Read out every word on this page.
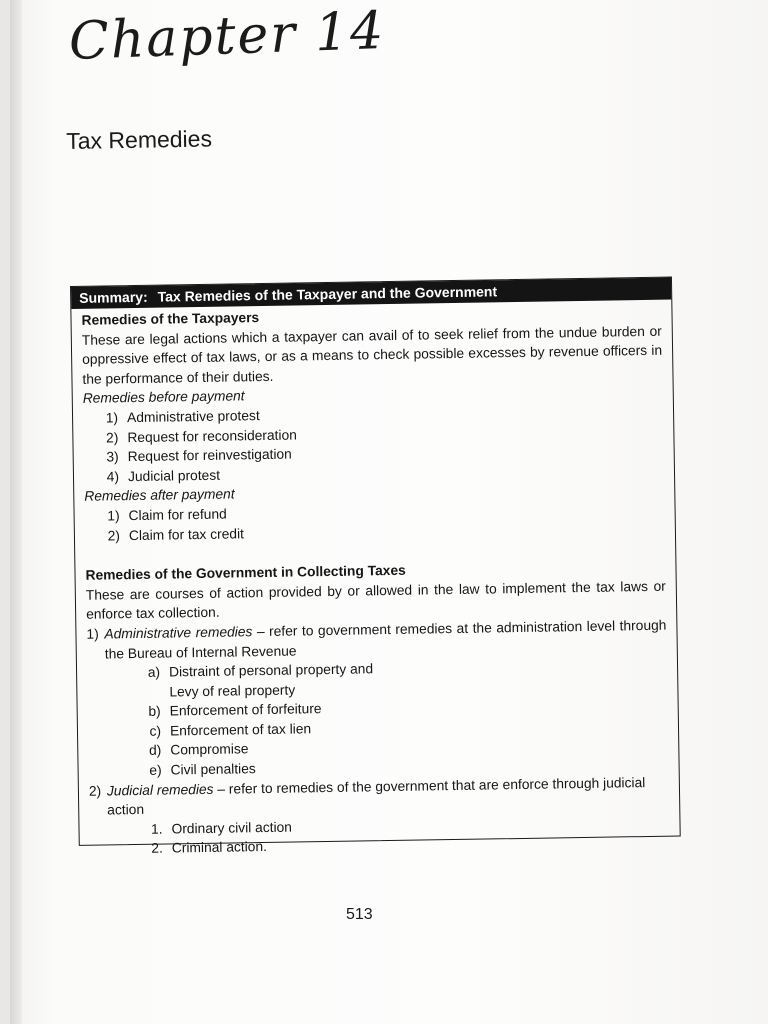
Chapter 14
Tax Remedies
Summary: Tax Remedies of the Taxpayer and the Government
Remedies of the Taxpayers
These are legal actions which a taxpayer can avail of to seek relief from the undue burden or oppressive effect of tax laws, or as a means to check possible excesses by revenue officers in the performance of their duties.
Remedies before payment
1) Administrative protest
2) Request for reconsideration
3) Request for reinvestigation
4) Judicial protest
Remedies after payment
1) Claim for refund
2) Claim for tax credit
Remedies of the Government in Collecting Taxes
These are courses of action provided by or allowed in the law to implement the tax laws or enforce tax collection.
1) Administrative remedies – refer to government remedies at the administration level through the Bureau of Internal Revenue
a) Distraint of personal property and
Levy of real property
b) Enforcement of forfeiture
c) Enforcement of tax lien
d) Compromise
e) Civil penalties
2) Judicial remedies – refer to remedies of the government that are enforce through judicial action
1. Ordinary civil action
2. Criminal action.
513
